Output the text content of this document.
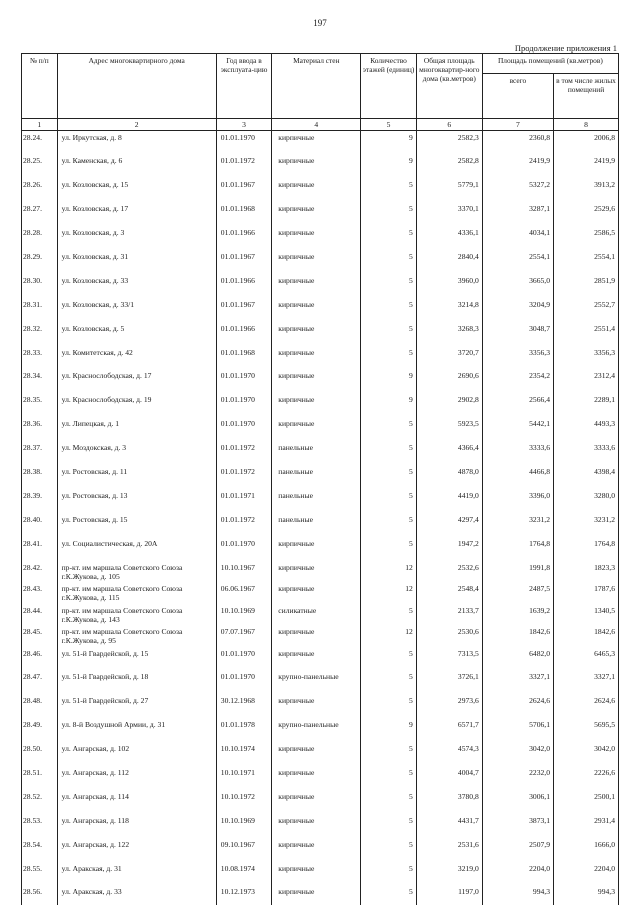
197
Продолжение приложения 1
№ п/п	Адрес многоквартирного дома	Год ввода в эксплуата-цию	Материал стен	Количество этажей (единиц)	Общая площадь многоквартир-ного дома (кв.метров)	Площадь помещений (кв.метров)	
						всего	в том числе жилых помещений
1	2	3	4	5	6	7	8
28.24.	ул. Иркутская, д. 8	01.01.1970	кирпичные	9	2582,3	2360,8	2006,8
28.25.	ул. Каменская, д. 6	01.01.1972	кирпичные	9	2582,8	2419,9	2419,9
28.26.	ул. Козловская, д. 15	01.01.1967	кирпичные	5	5779,1	5327,2	3913,2
28.27.	ул. Козловская, д. 17	01.01.1968	кирпичные	5	3370,1	3287,1	2529,6
28.28.	ул. Козловская, д. 3	01.01.1966	кирпичные	5	4336,1	4034,1	2586,5
28.29.	ул. Козловская, д. 31	01.01.1967	кирпичные	5	2840,4	2554,1	2554,1
28.30.	ул. Козловская, д. 33	01.01.1966	кирпичные	5	3960,0	3665,0	2851,9
28.31.	ул. Козловская, д. 33/1	01.01.1967	кирпичные	5	3214,8	3204,9	2552,7
28.32.	ул. Козловская, д. 5	01.01.1966	кирпичные	5	3268,3	3048,7	2551,4
28.33.	ул. Комитетская, д. 42	01.01.1968	кирпичные	5	3720,7	3356,3	3356,3
28.34.	ул. Краснослободская, д. 17	01.01.1970	кирпичные	9	2690,6	2354,2	2312,4
28.35.	ул. Краснослободская, д. 19	01.01.1970	кирпичные	9	2902,8	2566,4	2289,1
28.36.	ул. Липецкая, д. 1	01.01.1970	кирпичные	5	5923,5	5442,1	4493,3
28.37.	ул. Моздокская, д. 3	01.01.1972	панельные	5	4366,4	3333,6	3333,6
28.38.	ул. Ростовская, д. 11	01.01.1972	панельные	5	4878,0	4466,8	4398,4
28.39.	ул. Ростовская, д. 13	01.01.1971	панельные	5	4419,0	3396,0	3280,0
28.40.	ул. Ростовская, д. 15	01.01.1972	панельные	5	4297,4	3231,2	3231,2
28.41.	ул. Социалистическая, д. 20А	01.01.1970	кирпичные	5	1947,2	1764,8	1764,8
28.42.	пр-кт. им маршала Советского Союза г.К.Жукова, д. 105	10.10.1967	кирпичные	12	2532,6	1991,8	1823,3
28.43.	пр-кт. им маршала Советского Союза г.К.Жукова, д. 115	06.06.1967	кирпичные	12	2548,4	2487,5	1787,6
28.44.	пр-кт. им маршала Советского Союза г.К.Жукова, д. 143	10.10.1969	силикатные	5	2133,7	1639,2	1340,5
28.45.	пр-кт. им маршала Советского Союза г.К.Жукова, д. 95	07.07.1967	кирпичные	12	2530,6	1842,6	1842,6
28.46.	ул. 51-й Гвардейской, д. 15	01.01.1970	кирпичные	5	7313,5	6482,0	6465,3
28.47.	ул. 51-й Гвардейской, д. 18	01.01.1970	крупно-панельные	5	3726,1	3327,1	3327,1
28.48.	ул. 51-й Гвардейской, д. 27	30.12.1968	кирпичные	5	2973,6	2624,6	2624,6
28.49.	ул. 8-й Воздушной Армии, д. 31	01.01.1978	крупно-панельные	9	6571,7	5706,1	5695,5
28.50.	ул. Ангарская, д. 102	10.10.1974	кирпичные	5	4574,3	3042,0	3042,0
28.51.	ул. Ангарская, д. 112	10.10.1971	кирпичные	5	4004,7	2232,0	2226,6
28.52.	ул. Ангарская, д. 114	10.10.1972	кирпичные	5	3780,8	3006,1	2500,1
28.53.	ул. Ангарская, д. 118	10.10.1969	кирпичные	5	4431,7	3873,1	2931,4
28.54.	ул. Ангарская, д. 122	09.10.1967	кирпичные	5	2531,6	2507,9	1666,0
28.55.	ул. Аракская, д. 31	10.08.1974	кирпичные	5	3219,0	2204,0	2204,0
28.56.	ул. Аракская, д. 33	10.12.1973	кирпичные	5	1197,0	994,3	994,3
